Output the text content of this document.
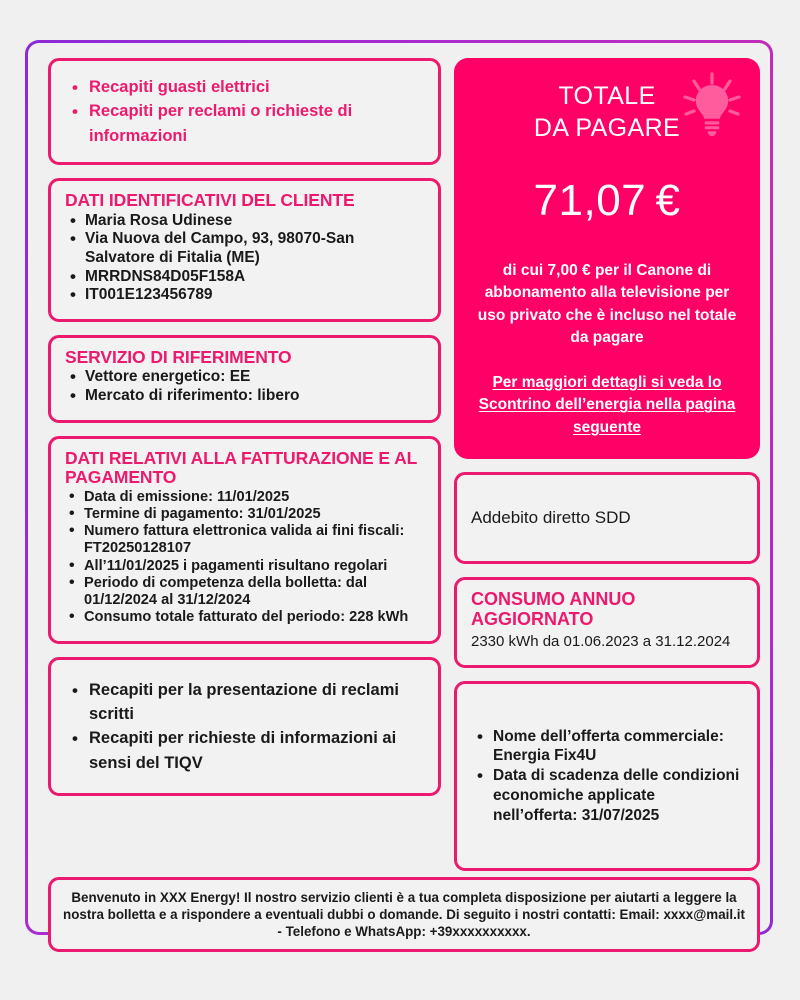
• Recapiti guasti elettrici
• Recapiti per reclami o richieste di informazioni
DATI IDENTIFICATIVI DEL CLIENTE
• Maria Rosa Udinese
• Via Nuova del Campo, 93, 98070-San Salvatore di Fitalia (ME)
• MRRDNS84D05F158A
• IT001E123456789
SERVIZIO DI RIFERIMENTO
• Vettore energetico: EE
• Mercato di riferimento: libero
DATI RELATIVI ALLA FATTURAZIONE E AL PAGAMENTO
• Data di emissione: 11/01/2025
• Termine di pagamento: 31/01/2025
• Numero fattura elettronica valida ai fini fiscali: FT20250128107
• All’11/01/2025 i pagamenti risultano regolari
• Periodo di competenza della bolletta: dal 01/12/2024 al 31/12/2024
• Consumo totale fatturato del periodo: 228 kWh
• Recapiti per la presentazione di reclami scritti
• Recapiti per richieste di informazioni ai sensi del TIQV
TOTALE
DA PAGARE
71,07 €
di cui 7,00 € per il Canone di abbonamento alla televisione per uso privato che è incluso nel totale da pagare
Per maggiori dettagli si veda lo Scontrino dell’energia nella pagina seguente
Addebito diretto SDD
CONSUMO ANNUO
AGGIORNATO
2330 kWh da 01.06.2023 a 31.12.2024
• Nome dell’offerta commerciale: Energia Fix4U
• Data di scadenza delle condizioni economiche applicate nell’offerta: 31/07/2025
Benvenuto in XXX Energy! Il nostro servizio clienti è a tua completa disposizione per aiutarti a leggere la nostra bolletta e a rispondere a eventuali dubbi o domande. Di seguito i nostri contatti: Email: xxxx@mail.it - Telefono e WhatsApp: +39xxxxxxxxxx.
